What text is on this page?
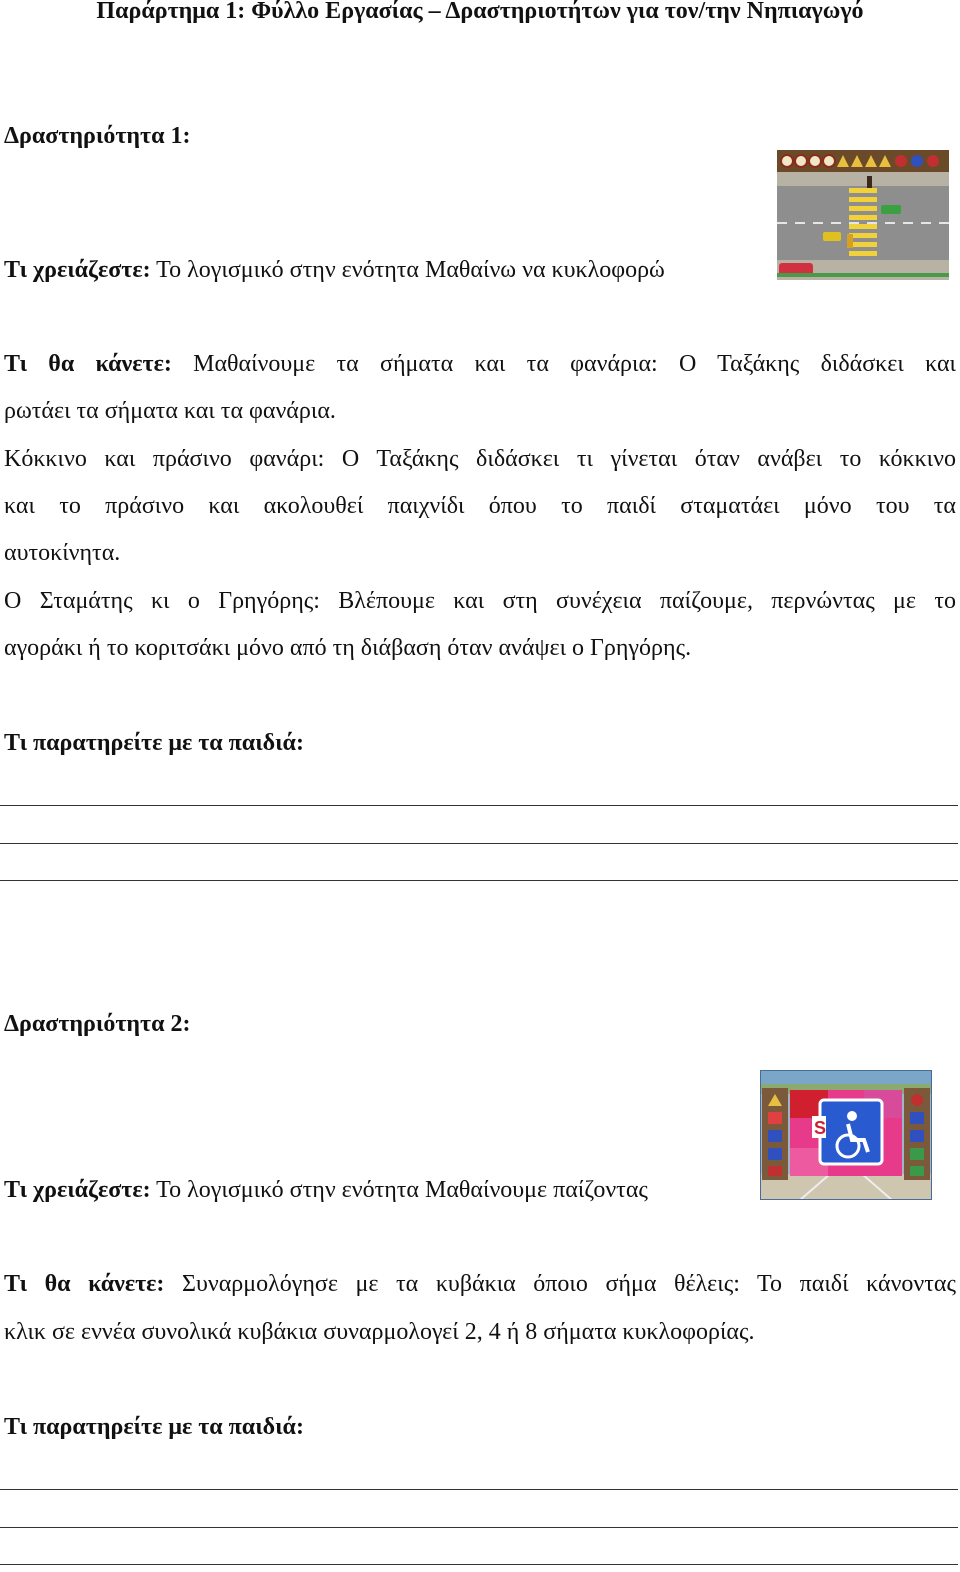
Παράρτημα 1: Φύλλο Εργασίας – Δραστηριοτήτων για τον/την Νηπιαγωγό
Δραστηριότητα 1:
Τι χρειάζεστε: Το λογισμικό στην ενότητα Μαθαίνω να κυκλοφορώ
Τι θα κάνετε: Μαθαίνουμε τα σήματα και τα φανάρια: Ο Ταξάκης διδάσκει και
ρωτάει τα σήματα και τα φανάρια.
Κόκκινο και πράσινο φανάρι: Ο Ταξάκης διδάσκει τι γίνεται όταν ανάβει το κόκκινο
και το πράσινο και ακολουθεί παιχνίδι όπου το παιδί σταματάει μόνο του τα
αυτοκίνητα.
Ο Σταμάτης κι ο Γρηγόρης: Βλέπουμε και στη συνέχεια παίζουμε, περνώντας με το
αγοράκι ή το κοριτσάκι μόνο από τη διάβαση όταν ανάψει ο Γρηγόρης.
Τι παρατηρείτε με τα παιδιά:
Δραστηριότητα 2:
Τι χρειάζεστε: Το λογισμικό στην ενότητα Μαθαίνουμε παίζοντας
S
Τι θα κάνετε: Συναρμολόγησε με τα κυβάκια όποιο σήμα θέλεις: Το παιδί κάνοντας
κλικ σε εννέα συνολικά κυβάκια συναρμολογεί 2, 4 ή 8 σήματα κυκλοφορίας.
Τι παρατηρείτε με τα παιδιά:
